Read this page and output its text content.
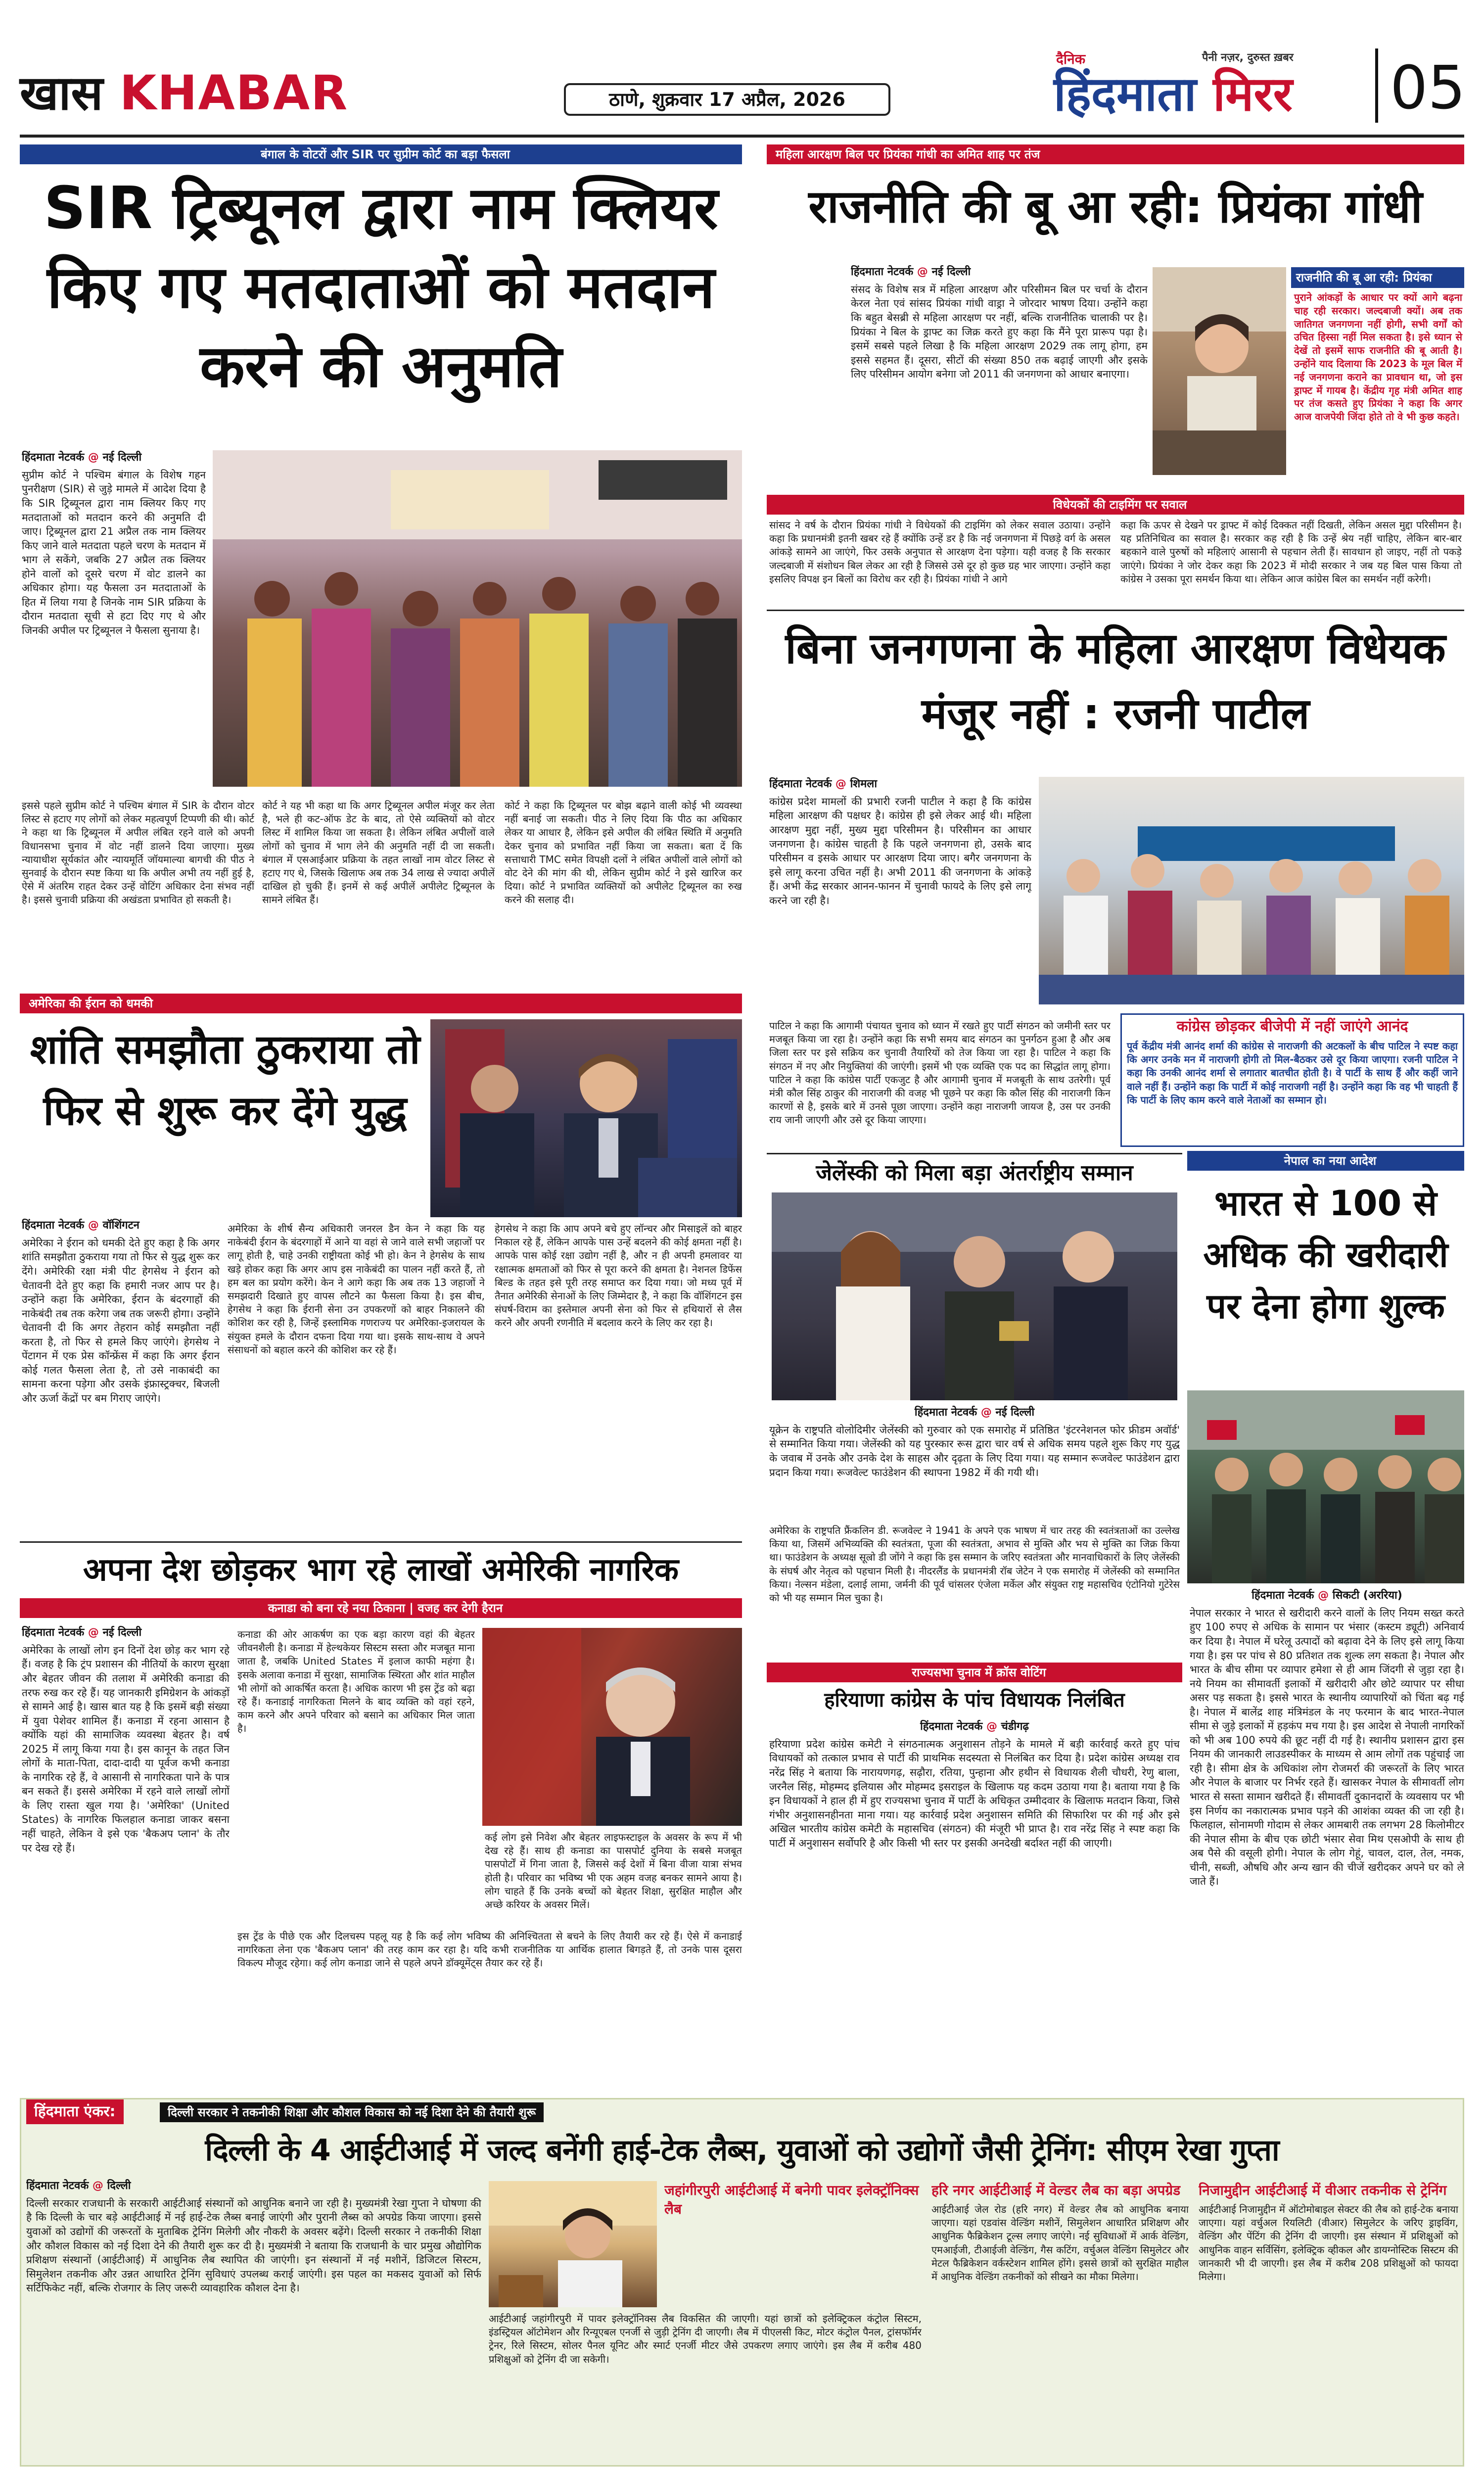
खास KHABAR	ठाणे, शुक्रवार 17 अप्रैल, 2026
दैनिक	पैनी नज़र, दुरुस्त ख़बर
हिंदमाता मिरर 05
बंगाल के वोटरों और SIR पर सुप्रीम कोर्ट का बड़ा फैसला
SIR ट्रिब्यूनल द्वारा नाम क्लियर किए गए मतदाताओं को मतदान करने की अनुमति
हिंदमाता नेटवर्क @ नई दिल्ली

सुप्रीम कोर्ट ने पश्चिम बंगाल के विशेष गहन पुनरीक्षण (SIR) से जुड़े मामले में आदेश दिया है कि SIR ट्रिब्यूनल द्वारा नाम क्लियर किए गए मतदाताओं को मतदान करने की अनुमति दी जाए। ट्रिब्यूनल द्वारा 21 अप्रैल तक नाम क्लियर किए जाने वाले मतदाता पहले चरण के मतदान में भाग ले सकेंगे, जबकि 27 अप्रैल तक क्लियर होने वालों को दूसरे चरण में वोट डालने का अधिकार होगा। यह फैसला उन मतदाताओं के हित में लिया गया है जिनके नाम SIR प्रक्रिया के दौरान मतदाता सूची से हटा दिए गए थे और जिनकी अपील पर ट्रिब्यूनल ने फैसला सुनाया है।

इससे पहले सुप्रीम कोर्ट ने पश्चिम बंगाल में SIR के दौरान वोटर लिस्ट से हटाए गए लोगों को लेकर महत्वपूर्ण टिप्पणी की थी। कोर्ट ने कहा था कि ट्रिब्यूनल में अपील लंबित रहने वाले को अपनी विधानसभा चुनाव में वोट नहीं डालने दिया जाएगा। मुख्य न्यायाधीश सूर्यकांत और न्यायमूर्ति जॉयमाल्या बागची की पीठ ने सुनवाई के दौरान स्पष्ट किया था कि अपील अभी तय नहीं हुई है, ऐसे में अंतरिम राहत देकर उन्हें वोटिंग अधिकार देना संभव नहीं है। इससे चुनावी प्रक्रिया की अखंडता प्रभावित हो सकती है।
कोर्ट ने यह भी कहा था कि अगर ट्रिब्यूनल अपील मंजूर कर लेता है, भले ही कट-ऑफ डेट के बाद, तो ऐसे व्यक्तियों को वोटर लिस्ट में शामिल किया जा सकता है। लेकिन लंबित अपीलों वाले लोगों को चुनाव में भाग लेने की अनुमति नहीं दी जा सकती। बंगाल में एसआईआर प्रक्रिया के तहत लाखों नाम वोटर लिस्ट से हटाए गए थे, जिसके खिलाफ अब तक 34 लाख से ज्यादा अपीलें दाखिल हो चुकी हैं। इनमें से कई अपीलें अपीलेट ट्रिब्यूनल के सामने लंबित हैं।
कोर्ट ने कहा कि ट्रिब्यूनल पर बोझ बढ़ाने वाली कोई भी व्यवस्था नहीं बनाई जा सकती। पीठ ने लिए दिया कि पीठ का अधिकार लेकर या आधार है, लेकिन इसे अपील की लंबित स्थिति में अनुमति देकर चुनाव को प्रभावित नहीं किया जा सकता। बता दें कि सत्ताधारी TMC समेत विपक्षी दलों ने लंबित अपीलों वाले लोगों को वोट देने की मांग की थी, लेकिन सुप्रीम कोर्ट ने इसे खारिज कर दिया। कोर्ट ने प्रभावित व्यक्तियों को अपीलेट ट्रिब्यूनल का रुख करने की सलाह दी।
महिला आरक्षण बिल पर प्रियंका गांधी का अमित शाह पर तंज
राजनीति की बू आ रही: प्रियंका गांधी
हिंदमाता नेटवर्क @ नई दिल्ली

संसद के विशेष सत्र में महिला आरक्षण और परिसीमन बिल पर चर्चा के दौरान केरल नेता एवं सांसद प्रियंका गांधी वाड्रा ने जोरदार भाषण दिया। उन्होंने कहा कि बहुत बेसब्री से महिला आरक्षण पर नहीं, बल्कि राजनीतिक चालाकी पर है। प्रियंका ने बिल के ड्राफ्ट का जिक्र करते हुए कहा कि मैंने पूरा प्रारूप पढ़ा है। इसमें सबसे पहले लिखा है कि महिला आरक्षण 2029 तक लागू होगा, हम इससे सहमत हैं। दूसरा, सीटों की संख्या 850 तक बढ़ाई जाएगी और इसके लिए परिसीमन आयोग बनेगा जो 2011 की जनगणना को आधार बनाएगा।

राजनीति की बू आ रही: प्रियंका
पुराने आंकड़ों के आधार पर क्यों आगे बढ़ना चाह रही सरकार। जल्दबाजी क्यों। अब तक जातिगत जनगणना नहीं होगी, सभी वर्गों को उचित हिस्सा नहीं मिल सकता है। इसे ध्यान से देखें तो इसमें साफ राजनीति की बू आती है। उन्होंने याद दिलाया कि 2023 के मूल बिल में नई जनगणना कराने का प्रावधान था, जो इस ड्राफ्ट में गायब है। केंद्रीय गृह मंत्री अमित शाह पर तंज कसते हुए प्रियंका ने कहा कि अगर आज वाजपेयी जिंदा होते तो वे भी कुछ कहते।
विधेयकों की टाइमिंग पर सवाल
सांसद ने वर्ष के दौरान प्रियंका गांधी ने विधेयकों की टाइमिंग को लेकर सवाल उठाया। उन्होंने कहा कि प्रधानमंत्री इतनी खबर रहे हैं क्योंकि उन्हें डर है कि नई जनगणना में पिछड़े वर्ग के असल आंकड़े सामने आ जाएंगे, फिर उसके अनुपात से आरक्षण देना पड़ेगा। यही वजह है कि सरकार जल्दबाजी में संशोधन बिल लेकर आ रही है जिससे उसे दूर हो कुछ ग्रह भार जाएगा। उन्होंने कहा इसलिए विपक्ष इन बिलों का विरोध कर रही है। प्रियंका गांधी ने आगे
कहा कि ऊपर से देखने पर ड्राफ्ट में कोई दिक्कत नहीं दिखती, लेकिन असल मुद्दा परिसीमन है। यह प्रतिनिधित्व का सवाल है। सरकार कह रही है कि उन्हें श्रेय नहीं चाहिए, लेकिन बार-बार बहकाने वाले पुरुषों को महिलाएं आसानी से पहचान लेती हैं। सावधान हो जाइए, नहीं तो पकड़े जाएंगे। प्रियंका ने जोर देकर कहा कि 2023 में मोदी सरकार ने जब यह बिल पास किया तो कांग्रेस ने उसका पूरा समर्थन किया था। लेकिन आज कांग्रेस बिल का समर्थन नहीं करेगी।
बिना जनगणना के महिला आरक्षण विधेयक मंजूर नहीं : रजनी पाटील
हिंदमाता नेटवर्क @ शिमला

कांग्रेस प्रदेश मामलों की प्रभारी रजनी पाटील ने कहा है कि कांग्रेस महिला आरक्षण की पक्षधर है। कांग्रेस ही इसे लेकर आई थी। महिला आरक्षण मुद्दा नहीं, मुख्य मुद्दा परिसीमन है। परिसीमन का आधार जनगणना है। कांग्रेस चाहती है कि पहले जनगणना हो, उसके बाद परिसीमन व इसके आधार पर आरक्षण दिया जाए। बगैर जनगणना के इसे लागू करना उचित नहीं है। अभी 2011 की जनगणना के आंकड़े हैं। अभी केंद्र सरकार आनन-फानन में चुनावी फायदे के लिए इसे लागू करने जा रही है।

पाटिल ने कहा कि आगामी पंचायत चुनाव को ध्यान में रखते हुए पार्टी संगठन को जमीनी स्तर पर मजबूत किया जा रहा है। उन्होंने कहा कि सभी समय बाद संगठन का पुनर्गठन हुआ है और अब जिला स्तर पर इसे सक्रिय कर चुनावी तैयारियों को तेज किया जा रहा है। पाटिल ने कहा कि संगठन में नए और नियुक्तियां की जाएंगी। इसमें भी एक व्यक्ति एक पद का सिद्धांत लागू होगा। पाटिल ने कहा कि कांग्रेस पार्टी एकजुट है और आगामी चुनाव में मजबूती के साथ उतरेगी। पूर्व मंत्री कौल सिंह ठाकुर की नाराजगी की वजह भी पूछने पर कहा कि कौल सिंह की नाराजगी किन कारणों से है, इसके बारे में उनसे पूछा जाएगा। उन्होंने कहा नाराजगी जायज है, उस पर उनकी राय जानी जाएगी और उसे दूर किया जाएगा।
कांग्रेस छोड़कर बीजेपी में नहीं जाएंगे आनंद
पूर्व केंद्रीय मंत्री आनंद शर्मा की कांग्रेस से नाराजगी की अटकलों के बीच पाटिल ने स्पष्ट कहा कि अगर उनके मन में नाराजगी होगी तो मिल-बैठकर उसे दूर किया जाएगा। रजनी पाटिल ने कहा कि उनकी आनंद शर्मा से लगातार बातचीत होती है। वे पार्टी के साथ हैं और कहीं जाने वाले नहीं हैं। उन्होंने कहा कि पार्टी में कोई नाराजगी नहीं है। उन्होंने कहा कि वह भी चाहती हैं कि पार्टी के लिए काम करने वाले नेताओं का सम्मान हो।
अमेरिका की ईरान को धमकी
शांति समझौता ठुकराया तो फिर से शुरू कर देंगे युद्ध
हिंदमाता नेटवर्क @ वॉशिंगटन

अमेरिका ने ईरान को धमकी देते हुए कहा है कि अगर शांति समझौता ठुकराया गया तो फिर से युद्ध शुरू कर देंगे। अमेरिकी रक्षा मंत्री पीट हेगसेथ ने ईरान को चेतावनी देते हुए कहा कि हमारी नजर आप पर है। उन्होंने कहा कि अमेरिका, ईरान के बंदरगाहों की नाकेबंदी तब तक करेगा जब तक जरूरी होगा। उन्होंने चेतावनी दी कि अगर तेहरान कोई समझौता नहीं करता है, तो फिर से हमले किए जाएंगे। हेगसेथ ने पेंटागन में एक प्रेस कॉन्फ्रेंस में कहा कि अगर ईरान कोई गलत फैसला लेता है, तो उसे नाकाबंदी का सामना करना पड़ेगा और उसके इंफ्रास्ट्रक्चर, बिजली और ऊर्जा केंद्रों पर बम गिराए जाएंगे।

अमेरिका के शीर्ष सैन्य अधिकारी जनरल डैन केन ने कहा कि यह नाकेबंदी ईरान के बंदरगाहों में आने या वहां से जाने वाले सभी जहाजों पर लागू होती है, चाहे उनकी राष्ट्रीयता कोई भी हो। केन ने हेगसेथ के साथ खड़े होकर कहा कि अगर आप इस नाकेबंदी का पालन नहीं करते हैं, तो हम बल का प्रयोग करेंगे। केन ने आगे कहा कि अब तक 13 जहाजों ने समझदारी दिखाते हुए वापस लौटने का फैसला किया है। इस बीच, हेगसेथ ने कहा कि ईरानी सेना उन उपकरणों को बाहर निकालने की कोशिश कर रही है, जिन्हें इस्लामिक गणराज्य पर अमेरिका-इजरायल के संयुक्त हमले के दौरान दफना दिया गया था। इसके साथ-साथ वे अपने संसाधनों को बहाल करने की कोशिश कर रहे हैं।
हेगसेथ ने कहा कि आप अपने बचे हुए लॉन्चर और मिसाइलें को बाहर निकाल रहे हैं, लेकिन आपके पास उन्हें बदलने की कोई क्षमता नहीं है। आपके पास कोई रक्षा उद्योग नहीं है, और न ही अपनी हमलावर या रक्षात्मक क्षमताओं को फिर से पूरा करने की क्षमता है। नेशनल डिफेंस बिल्ड के तहत इसे पूरी तरह समाप्त कर दिया गया। जो मध्य पूर्व में तैनात अमेरिकी सेनाओं के लिए जिम्मेदार है, ने कहा कि वॉशिंगटन इस संघर्ष-विराम का इस्तेमाल अपनी सेना को फिर से हथियारों से लैस करने और अपनी रणनीति में बदलाव करने के लिए कर रहा है।
जेलेंस्की को मिला बड़ा अंतर्राष्ट्रीय सम्मान
हिंदमाता नेटवर्क @ नई दिल्ली

यूक्रेन के राष्ट्रपति वोलोदिमीर जेलेंस्की को गुरुवार को एक समारोह में प्रतिष्ठित 'इंटरनेशनल फोर फ्रीडम अवॉर्ड' से सम्मानित किया गया। जेलेंस्की को यह पुरस्कार रूस द्वारा चार वर्ष से अधिक समय पहले शुरू किए गए युद्ध के जवाब में उनके और उनके देश के साहस और दृढ़ता के लिए दिया गया। यह सम्मान रूजवेल्ट फाउंडेशन द्वारा प्रदान किया गया। रूजवेल्ट फाउंडेशन की स्थापना 1982 में की गयी थी।

अमेरिका के राष्ट्रपति फ्रैंकलिन डी. रूजवेल्ट ने 1941 के अपने एक भाषण में चार तरह की स्वतंत्रताओं का उल्लेख किया था, जिसमें अभिव्यक्ति की स्वतंत्रता, पूजा की स्वतंत्रता, अभाव से मुक्ति और भय से मुक्ति का जिक्र किया था। फाउंडेशन के अध्यक्ष सूल्रो डी जोंगे ने कहा कि इस सम्मान के जरिए स्वतंत्रता और मानवाधिकारों के लिए जेलेंस्की के संघर्ष और नेतृत्व को पहचान मिली है। नीदरलैंड के प्रधानमंत्री रॉब जेटेन ने एक समारोह में जेलेंस्की को सम्मानित किया। नेल्सन मंडेला, दलाई लामा, जर्मनी की पूर्व चांसलर एंजेला मर्केल और संयुक्त राष्ट्र महासचिव एंटोनियो गुटेरेस को भी यह सम्मान मिल चुका है।
नेपाल का नया आदेश
भारत से 100 से अधिक की खरीदारी पर देना होगा शुल्क
हिंदमाता नेटवर्क @ सिकटी (अररिया)

नेपाल सरकार ने भारत से खरीदारी करने वालों के लिए नियम सख्त करते हुए 100 रुपए से अधिक के सामान पर भंसार (कस्टम ड्यूटी) अनिवार्य कर दिया है। नेपाल में घरेलू उत्पादों को बढ़ावा देने के लिए इसे लागू किया गया है। इस पर पांच से 80 प्रतिशत तक शुल्क लग सकता है। नेपाल और भारत के बीच सीमा पर व्यापार हमेशा से ही आम जिंदगी से जुड़ा रहा है। नये नियम का सीमावर्ती इलाकों में खरीदारी और छोटे व्यापार पर सीधा असर पड़ सकता है। इससे भारत के स्थानीय व्यापारियों को चिंता बढ़ गई है। नेपाल में बालेंद्र शाह मंत्रिमंडल के नए फरमान के बाद भारत-नेपाल सीमा से जुड़े इलाकों में हड़कंप मच गया है। इस आदेश से नेपाली नागरिकों को भी अब 100 रुपये की छूट नहीं दी गई है। स्थानीय प्रशासन द्वारा इस नियम की जानकारी लाउडस्पीकर के माध्यम से आम लोगों तक पहुंचाई जा रही है। सीमा क्षेत्र के अधिकांश लोग रोजमर्रा की जरूरतों के लिए भारत और नेपाल के बाजार पर निर्भर रहते हैं। खासकर नेपाल के सीमावर्ती लोग भारत से सस्ता सामान खरीदते हैं। सीमावर्ती दुकानदारों के व्यवसाय पर भी इस निर्णय का नकारात्मक प्रभाव पड़ने की आशंका व्यक्त की जा रही है। फिलहाल, सोनामणी गोदाम से लेकर आमबारी तक लगभग 28 किलोमीटर की नेपाल सीमा के बीच एक छोटी भंसार सेवा मिथ एसओपी के साथ ही अब पैसे की वसूली होगी। नेपाल के लोग गेहूं, चावल, दाल, तेल, नमक, चीनी, सब्जी, औषधि और अन्य खान की चीजें खरीदकर अपने घर को ले जाते हैं।

अपना देश छोड़कर भाग रहे लाखों अमेरिकी नागरिक
कनाडा को बना रहे नया ठिकाना | वजह कर देगी हैरान
हिंदमाता नेटवर्क @ नई दिल्ली

अमेरिका के लाखों लोग इन दिनों देश छोड़ कर भाग रहे हैं। वजह है कि ट्रंप प्रशासन की नीतियों के कारण सुरक्षा और बेहतर जीवन की तलाश में अमेरिकी कनाडा की तरफ रुख कर रहे हैं। यह जानकारी इमिग्रेशन के आंकड़ों से सामने आई है। खास बात यह है कि इसमें बड़ी संख्या में युवा पेशेवर शामिल हैं। कनाडा में रहना आसान है क्योंकि यहां की सामाजिक व्यवस्था बेहतर है। वर्ष 2025 में लागू किया गया है। इस कानून के तहत जिन लोगों के माता-पिता, दादा-दादी या पूर्वज कभी कनाडा के नागरिक रहे हैं, वे आसानी से नागरिकता पाने के पात्र बन सकते हैं। इससे अमेरिका में रहने वाले लाखों लोगों के लिए रास्ता खुल गया है। 'अमेरिका' (United States) के नागरिक फिलहाल कनाडा जाकर बसना नहीं चाहते, लेकिन वे इसे एक 'बैकअप प्लान' के तौर पर देख रहे हैं।

कनाडा की ओर आकर्षण का एक बड़ा कारण वहां की बेहतर जीवनशैली है। कनाडा में हेल्थकेयर सिस्टम सस्ता और मजबूत माना जाता है, जबकि United States में इलाज काफी महंगा है। इसके अलावा कनाडा में सुरक्षा, सामाजिक स्थिरता और शांत माहौल भी लोगों को आकर्षित करता है। अधिक कारण भी इस ट्रेंड को बढ़ा रहे हैं। कनाडाई नागरिकता मिलने के बाद व्यक्ति को वहां रहने, काम करने और अपने परिवार को बसाने का अधिकार मिल जाता है।
कई लोग इसे निवेश और बेहतर लाइफस्टाइल के अवसर के रूप में भी देख रहे हैं। साथ ही कनाडा का पासपोर्ट दुनिया के सबसे मजबूत पासपोर्टों में गिना जाता है, जिससे कई देशों में बिना वीजा यात्रा संभव होती है। परिवार का भविष्य भी एक अहम वजह बनकर सामने आया है। लोग चाहते हैं कि उनके बच्चों को बेहतर शिक्षा, सुरक्षित माहौल और अच्छे करियर के अवसर मिलें।
इस ट्रेंड के पीछे एक और दिलचस्प पहलू यह है कि कई लोग भविष्य की अनिश्चितता से बचने के लिए तैयारी कर रहे हैं। ऐसे में कनाडाई नागरिकता लेना एक 'बैकअप प्लान' की तरह काम कर रहा है। यदि कभी राजनीतिक या आर्थिक हालात बिगड़ते हैं, तो उनके पास दूसरा विकल्प मौजूद रहेगा। कई लोग कनाडा जाने से पहले अपने डॉक्यूमेंट्स तैयार कर रहे हैं।
राज्यसभा चुनाव में क्रॉस वोटिंग
हरियाणा कांग्रेस के पांच विधायक निलंबित
हिंदमाता नेटवर्क @ चंडीगढ़

हरियाणा प्रदेश कांग्रेस कमेटी ने संगठनात्मक अनुशासन तोड़ने के मामले में बड़ी कार्रवाई करते हुए पांच विधायकों को तत्काल प्रभाव से पार्टी की प्राथमिक सदस्यता से निलंबित कर दिया है। प्रदेश कांग्रेस अध्यक्ष राव नरेंद्र सिंह ने बताया कि नारायणगढ़, सढ़ौरा, रतिया, पुन्हाना और हथीन से विधायक शैली चौधरी, रेणु बाला, जरनैल सिंह, मोहम्मद इलियास और मोहम्मद इसराइल के खिलाफ यह कदम उठाया गया है। बताया गया है कि इन विधायकों ने हाल ही में हुए राज्यसभा चुनाव में पार्टी के अधिकृत उम्मीदवार के खिलाफ मतदान किया, जिसे गंभीर अनुशासनहीनता माना गया। यह कार्रवाई प्रदेश अनुशासन समिति की सिफारिश पर की गई और इसे अखिल भारतीय कांग्रेस कमेटी के महासचिव (संगठन) की मंजूरी भी प्राप्त है। राव नरेंद्र सिंह ने स्पष्ट कहा कि पार्टी में अनुशासन सर्वोपरि है और किसी भी स्तर पर इसकी अनदेखी बर्दाश्त नहीं की जाएगी।

हिंदमाता एंकर:	दिल्ली सरकार ने तकनीकी शिक्षा और कौशल विकास को नई दिशा देने की तैयारी शुरू
दिल्ली के 4 आईटीआई में जल्द बनेंगी हाई-टेक लैब्स, युवाओं को उद्योगों जैसी ट्रेनिंग: सीएम रेखा गुप्ता
हिंदमाता नेटवर्क @ दिल्ली

दिल्ली सरकार राजधानी के सरकारी आईटीआई संस्थानों को आधुनिक बनाने जा रही है। मुख्यमंत्री रेखा गुप्ता ने घोषणा की है कि दिल्ली के चार बड़े आईटीआई में नई हाई-टेक लैब्स बनाई जाएंगी और पुरानी लैब्स को अपग्रेड किया जाएगा। इससे युवाओं को उद्योगों की जरूरतों के मुताबिक ट्रेनिंग मिलेगी और नौकरी के अवसर बढ़ेंगे। दिल्ली सरकार ने तकनीकी शिक्षा और कौशल विकास को नई दिशा देने की तैयारी शुरू कर दी है। मुख्यमंत्री ने बताया कि राजधानी के चार प्रमुख औद्योगिक प्रशिक्षण संस्थानों (आईटीआई) में आधुनिक लैब स्थापित की जाएंगी। इन संस्थानों में नई मशीनें, डिजिटल सिस्टम, सिमुलेशन तकनीक और उन्नत आधारित ट्रेनिंग सुविधाएं उपलब्ध कराई जाएंगी। इस पहल का मकसद युवाओं को सिर्फ सर्टिफिकेट नहीं, बल्कि रोजगार के लिए जरूरी व्यावहारिक कौशल देना है।

जहांगीरपुरी आईटीआई में बनेगी पावर इलेक्ट्रॉनिक्स लैब
आईटीआई जहांगीरपुरी में पावर इलेक्ट्रॉनिक्स लैब विकसित की जाएगी। यहां छात्रों को इलेक्ट्रिकल कंट्रोल सिस्टम, इंडस्ट्रियल ऑटोमेशन और रिन्यूएबल एनर्जी से जुड़ी ट्रेनिंग दी जाएगी। लैब में पीएलसी किट, मोटर कंट्रोल पैनल, ट्रांसफॉर्मर ट्रेनर, रिले सिस्टम, सोलर पैनल यूनिट और स्मार्ट एनर्जी मीटर जैसे उपकरण लगाए जाएंगे। इस लैब में करीब 480 प्रशिक्षुओं को ट्रेनिंग दी जा सकेगी।
हरि नगर आईटीआई में वेल्डर लैब का बड़ा अपग्रेड
आईटीआई जेल रोड (हरि नगर) में वेल्डर लैब को आधुनिक बनाया जाएगा। यहां एडवांस वेल्डिंग मशीनें, सिमुलेशन आधारित प्रशिक्षण और आधुनिक फैब्रिकेशन टूल्स लगाए जाएंगे। नई सुविधाओं में आर्क वेल्डिंग, एमआईजी, टीआईजी वेल्डिंग, गैस कटिंग, वर्चुअल वेल्डिंग सिमुलेटर और मेटल फैब्रिकेशन वर्कस्टेशन शामिल होंगे। इससे छात्रों को सुरक्षित माहौल में आधुनिक वेल्डिंग तकनीकों को सीखने का मौका मिलेगा।
निजामुद्दीन आईटीआई में वीआर तकनीक से ट्रेनिंग
आईटीआई निजामुद्दीन में ऑटोमोबाइल सेक्टर की लैब को हाई-टेक बनाया जाएगा। यहां वर्चुअल रियलिटी (वीआर) सिमुलेटर के जरिए ड्राइविंग, वेल्डिंग और पेंटिंग की ट्रेनिंग दी जाएगी। इस संस्थान में प्रशिक्षुओं को आधुनिक वाहन सर्विसिंग, इलेक्ट्रिक व्हीकल और डायग्नोस्टिक सिस्टम की जानकारी भी दी जाएगी। इस लैब में करीब 208 प्रशिक्षुओं को फायदा मिलेगा।
